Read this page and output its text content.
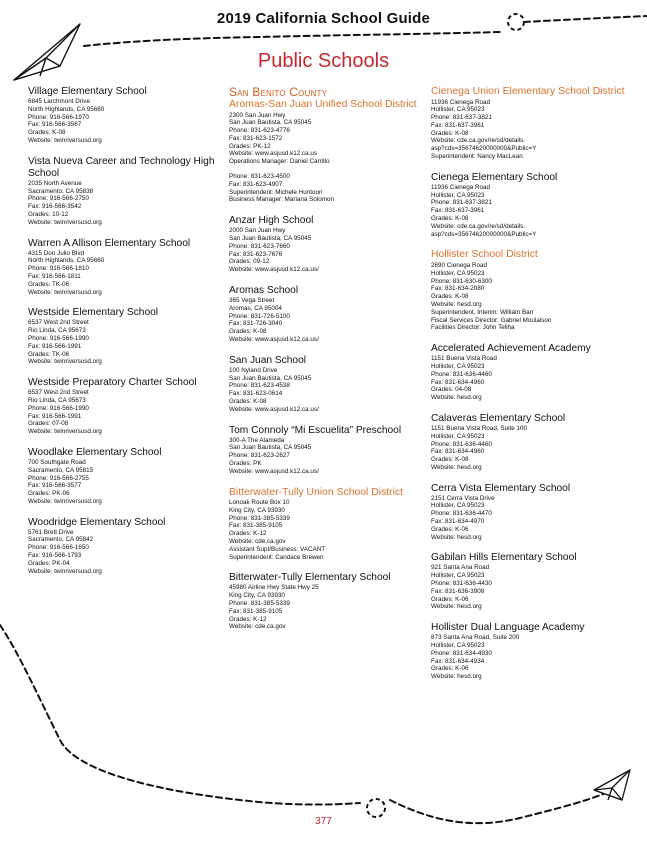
2019 California School Guide
Public Schools
Village Elementary School
6845 Larchmont Drive
North Highlands, CA 95660
Phone: 916-566-1970
Fax: 916-566-3567
Grades: K-08
Website: twinriversusd.org
Vista Nueva Career and Technology High School
2035 North Avenue
Sacramento, CA 95838
Phone: 916-566-2750
Fax: 916-566-3542
Grades: 10-12
Website: twinriversusd.org
Warren A Allison Elementary School
4315 Don Julio Blvd
North Highlands, CA 95660
Phone: 916-566-1810
Fax: 916-566-1811
Grades: TK-06
Website: twinriversusd.org
Westside Elementary School
6537 West 2nd Street
Rio Linda, CA 95673
Phone: 916-566-1990
Fax: 916-566-1991
Grades: TK-06
Website: twinriversusd.org
Westside Preparatory Charter School
6537 West 2nd Street
Rio Linda, CA 95673
Phone: 916-566-1990
Fax: 916-566-1991
Grades: 07-08
Website: twinriversusd.org
Woodlake Elementary School
700 Southgate Road
Sacramento, CA 95815
Phone: 916-566-2755
Fax: 916-566-3577
Grades: PK-06
Website: twinriversusd.org
Woodridge Elementary School
5761 Brett Drive
Sacramento, CA 95842
Phone: 916-566-1650
Fax: 916-566-1793
Grades: PK-04
Website: twinriversusd.org
San Benito County
Aromas-San Juan Unified School District
2300 San Juan Hwy
San Juan Bautista, CA 95045
Phone: 831-623-4776
Fax: 831-623-1572
Grades: PK-12
Website: www.asjusd.k12.ca.us
Operations Manager: Daniel Carrillo
Phone: 831-623-4500
Fax: 831-623-4907
Superintendent: Michele Huntoon
Business Manager: Mariana Solomon
Anzar High School
2000 San Juan Hwy
San Juan Bautista, CA 95045
Phone: 831-623-7660
Fax: 831-623-7676
Grades: 09-12
Website: www.asjusd.k12.ca.us/
Aromas School
365 Vega Street
Aromas, CA 95004
Phone: 831-726-5100
Fax: 831-726-3040
Grades: K-08
Website: www.asjusd.k12.ca.us/
San Juan School
100 Nyland Drive
San Juan Bautista, CA 95045
Phone: 831-623-4538
Fax: 831-623-0614
Grades: K-08
Website: www.asjusd.k12.ca.us/
Tom Connoly “Mi Escuelita” Preschool
300-A The Alameda
San Juan Bautista, CA 95045
Phone: 831-623-2627
Grades: PK
Website: www.asjusd.k12.ca.us/
Bitterwater-Tully Union School District
Lonoak Route Box 10
King City, CA 93930
Phone: 831-385-5339
Fax: 831-385-9105
Grades: K-12
Website: cde.ca.gov
Assistant Supt/Business: VACANT
Superintendent: Candace Brewen
Bitterwater-Tully Elementary School
45980 Airline Hwy State Hwy 25
King City, CA 93930
Phone: 831-385-5339
Fax: 831-385-9105
Grades: K-12
Website: cde.ca.gov
Cienega Union Elementary School District
11936 Cienega Road
Hollister, CA 95023
Phone: 831-637-3821
Fax: 831-637-3961
Grades: K-08
Website: cde.ca.gov/re/sd/details.
asp?cds=35674620000000&Public=Y
Superintendent: Nancy MacLean
Cienega Elementary School
11936 Cienega Road
Hollister, CA 95023
Phone: 831-637-3821
Fax: 831-637-3961
Grades: K-08
Website: cde.ca.gov/re/sd/details.
asp?cds=35674620000000&Public=Y
Hollister School District
2690 Cienega Road
Hollister, CA 95023
Phone: 831-630-6300
Fax: 831-634-2080
Grades: K-08
Website: hesd.org
Superintendent, Interim: William Barr
Fiscal Services Director: Gabriel Moulaison
Facilities Director: John Teliha
Accelerated Achievement Academy
1151 Buena Vista Road
Hollister, CA 95023
Phone: 831-636-4460
Fax: 831-634-4960
Grades: 04-08
Website: hesd.org
Calaveras Elementary School
1151 Buena Vista Road, Suite 100
Hollister, CA 95023
Phone: 831-636-4460
Fax: 831-634-4960
Grades: K-08
Website: hesd.org
Cerra Vista Elementary School
2151 Cerra Vista Drive
Hollister, CA 95023
Phone: 831-636-4470
Fax: 831-634-4970
Grades: K-06
Website: hesd.org
Gabilan Hills Elementary School
921 Santa Ana Road
Hollister, CA 95023
Phone: 831-636-4430
Fax: 831-636-3908
Grades: K-06
Website: hesd.org
Hollister Dual Language Academy
873 Santa Ana Road, Suite 200
Hollister, CA 95023
Phone: 831-634-4930
Fax: 831-634-4934
Grades: K-06
Website: hesd.org
377
